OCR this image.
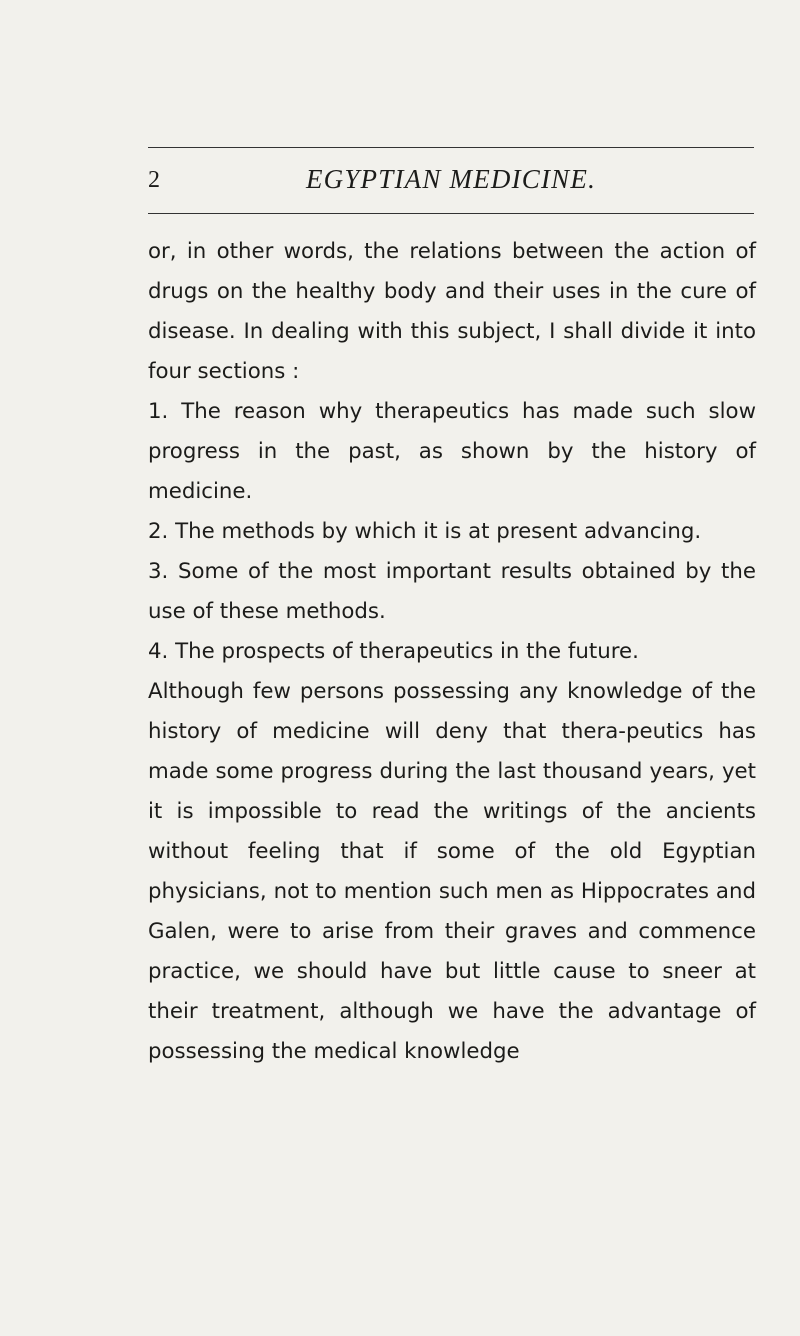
2	EGYPTIAN MEDICINE.

or, in other words, the relations between the action of drugs on the healthy body and their uses in the cure of disease. In dealing with this subject, I shall divide it into four sections :

1. The reason why therapeutics has made such slow progress in the past, as shown by the history of medicine.

2. The methods by which it is at present advancing.

3. Some of the most important results obtained by the use of these methods.

4. The prospects of therapeutics in the future.

Although few persons possessing any knowledge of the history of medicine will deny that thera-peutics has made some progress during the last thousand years, yet it is impossible to read the writings of the ancients without feeling that if some of the old Egyptian physicians, not to mention such men as Hippocrates and Galen, were to arise from their graves and commence practice, we should have but little cause to sneer at their treatment, although we have the advantage of possessing the medical knowledge
